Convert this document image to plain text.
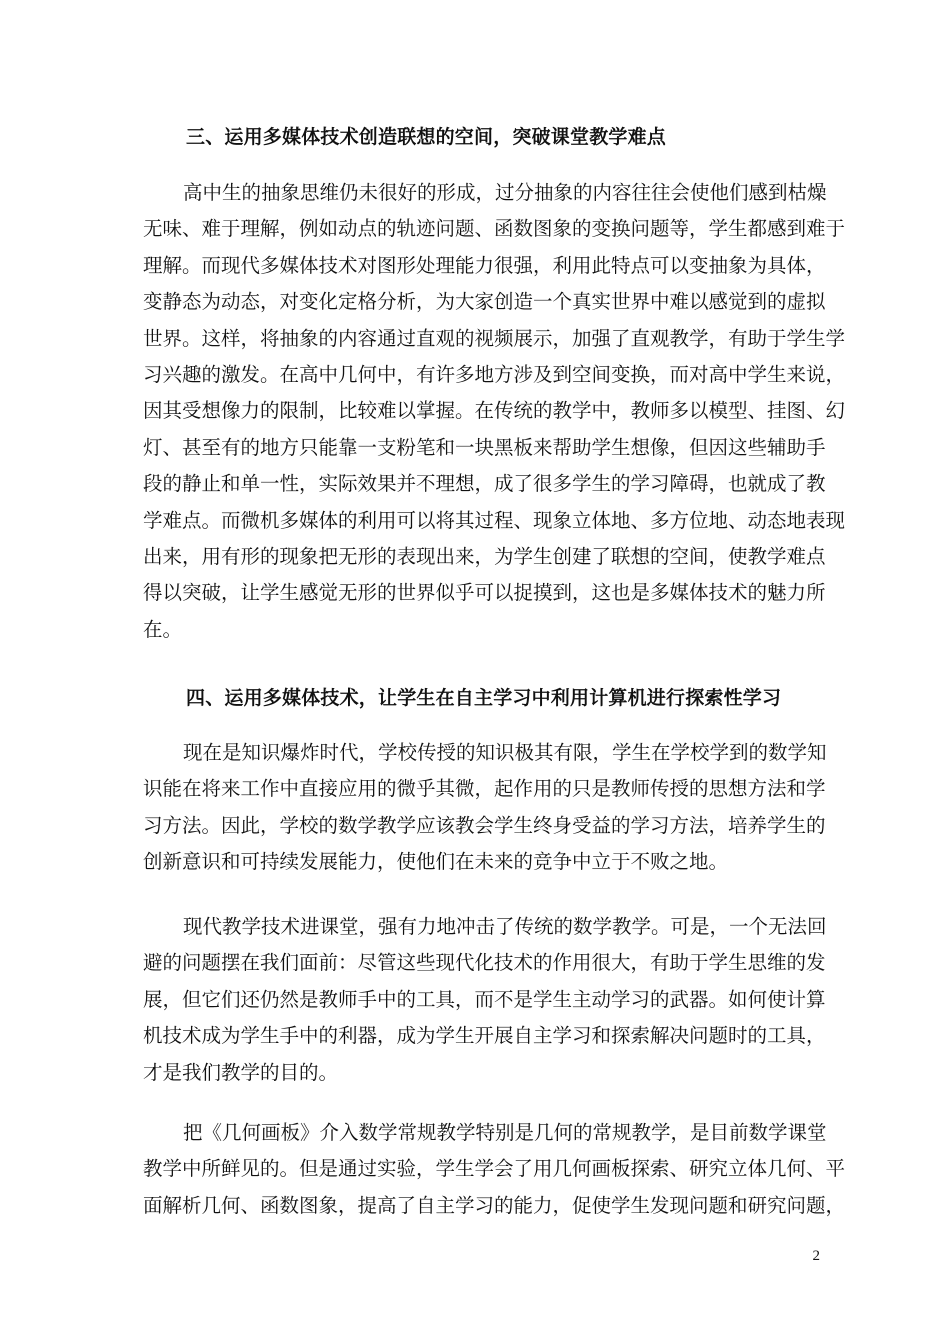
三、运用多媒体技术创造联想的空间，突破课堂教学难点
高中生的抽象思维仍未很好的形成，过分抽象的内容往往会使他们感到枯燥
无味、难于理解，例如动点的轨迹问题、函数图象的变换问题等，学生都感到难于
理解。而现代多媒体技术对图形处理能力很强，利用此特点可以变抽象为具体，
变静态为动态，对变化定格分析，为大家创造一个真实世界中难以感觉到的虚拟
世界。这样，将抽象的内容通过直观的视频展示，加强了直观教学，有助于学生学
习兴趣的激发。在高中几何中，有许多地方涉及到空间变换，而对高中学生来说，
因其受想像力的限制，比较难以掌握。在传统的教学中，教师多以模型、挂图、幻
灯、甚至有的地方只能靠一支粉笔和一块黑板来帮助学生想像，但因这些辅助手
段的静止和单一性，实际效果并不理想，成了很多学生的学习障碍，也就成了教
学难点。而微机多媒体的利用可以将其过程、现象立体地、多方位地、动态地表现
出来，用有形的现象把无形的表现出来，为学生创建了联想的空间，使教学难点
得以突破，让学生感觉无形的世界似乎可以捉摸到，这也是多媒体技术的魅力所
在。
四、运用多媒体技术，让学生在自主学习中利用计算机进行探索性学习
现在是知识爆炸时代，学校传授的知识极其有限，学生在学校学到的数学知
识能在将来工作中直接应用的微乎其微，起作用的只是教师传授的思想方法和学
习方法。因此，学校的数学教学应该教会学生终身受益的学习方法，培养学生的
创新意识和可持续发展能力，使他们在未来的竞争中立于不败之地。
现代教学技术进课堂，强有力地冲击了传统的数学教学。可是，一个无法回
避的问题摆在我们面前：尽管这些现代化技术的作用很大，有助于学生思维的发
展，但它们还仍然是教师手中的工具，而不是学生主动学习的武器。如何使计算
机技术成为学生手中的利器，成为学生开展自主学习和探索解决问题时的工具，
才是我们教学的目的。
把《几何画板》介入数学常规教学特别是几何的常规教学，是目前数学课堂
教学中所鲜见的。但是通过实验，学生学会了用几何画板探索、研究立体几何、平
面解析几何、函数图象，提高了自主学习的能力，促使学生发现问题和研究问题，
2
